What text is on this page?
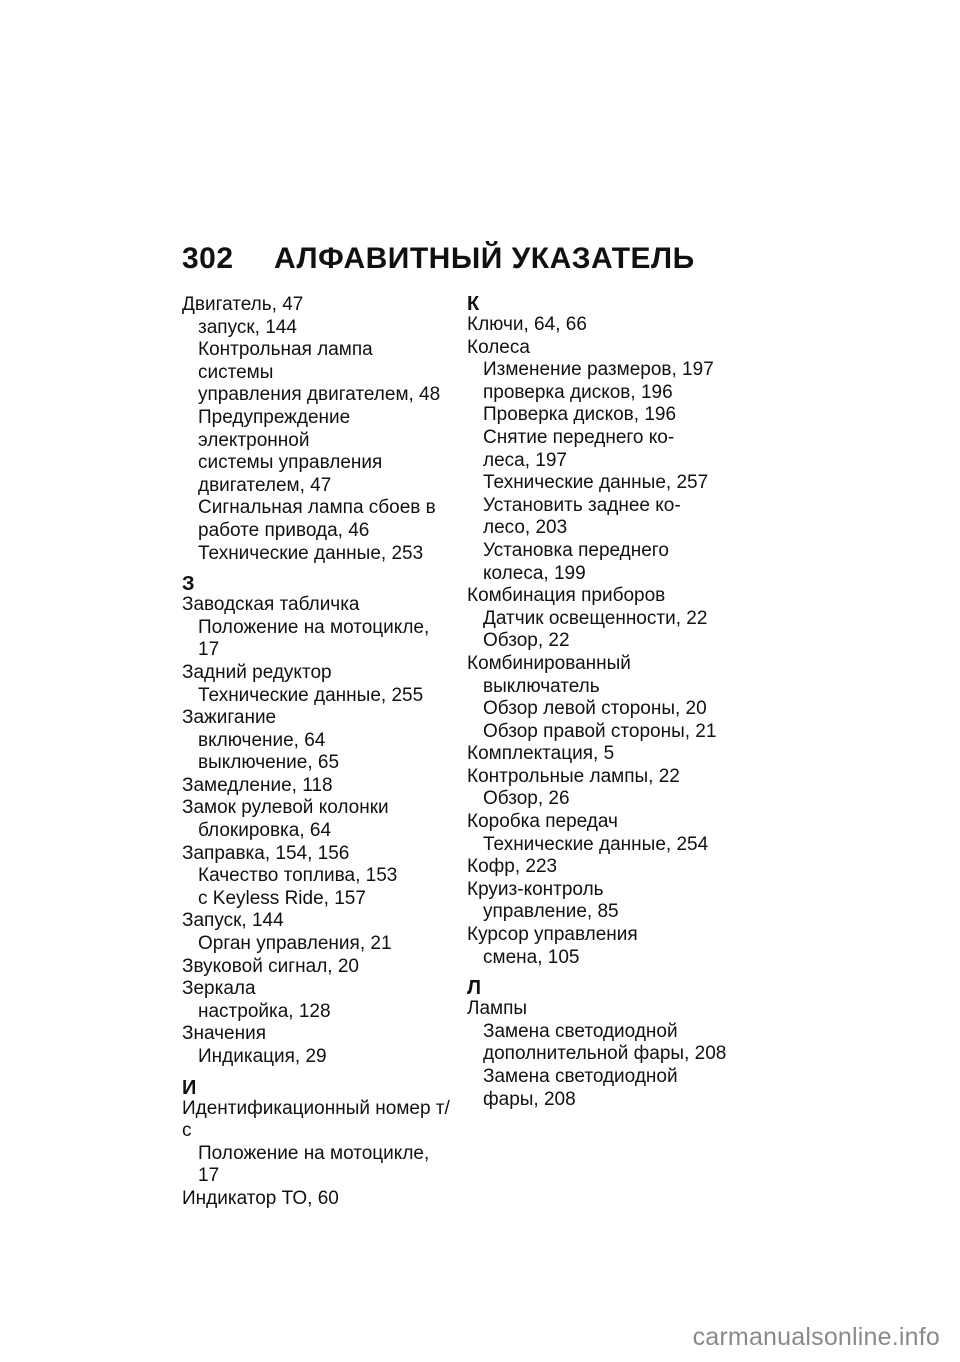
302	АЛФАВИТНЫЙ УКАЗАТЕЛЬ
Двигатель, 47
запуск, 144
Контрольная лампа системы
управления двигателем, 48
Предупреждение электронной
системы управления
двигателем, 47
Сигнальная лампа сбоев в
работе привода, 46
Технические данные, 253
З
Заводская табличка
Положение на мотоцикле, 17
Задний редуктор
Технические данные, 255
Зажигание
включение, 64
выключение, 65
Замедление, 118
Замок рулевой колонки
блокировка, 64
Заправка, 154, 156
Качество топлива, 153
с Keyless Ride, 157
Запуск, 144
Орган управления, 21
Звуковой сигнал, 20
Зеркала
настройка, 128
Значения
Индикация, 29
И
Идентификационный номер т/с
Положение на мотоцикле, 17
Индикатор ТО, 60
К
Ключи, 64, 66
Колеса
Изменение размеров, 197
проверка дисков, 196
Проверка дисков, 196
Снятие переднего ко-
леса, 197
Технические данные, 257
Установить заднее ко-
лесо, 203
Установка переднего
колеса, 199
Комбинация приборов
Датчик освещенности, 22
Обзор, 22
Комбинированный
выключатель
Обзор левой стороны, 20
Обзор правой стороны, 21
Комплектация, 5
Контрольные лампы, 22
Обзор, 26
Коробка передач
Технические данные, 254
Кофр, 223
Круиз-контроль
управление, 85
Курсор управления
смена, 105
Л
Лампы
Замена светодиодной
дополнительной фары, 208
Замена светодиодной
фары, 208
carmanualsonline.info
